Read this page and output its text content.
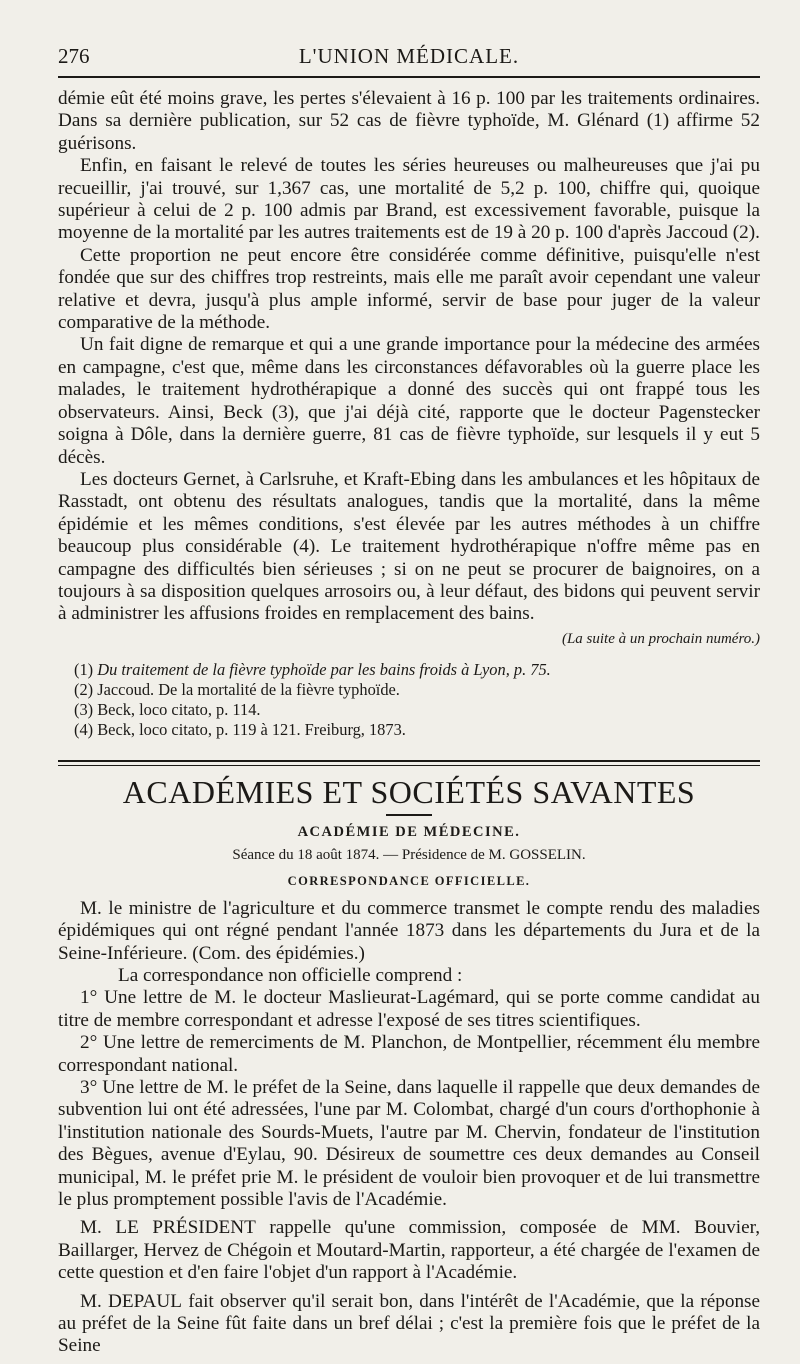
276	L'UNION MÉDICALE.

démie eût été moins grave, les pertes s'élevaient à 16 p. 100 par les traitements ordinaires. Dans sa dernière publication, sur 52 cas de fièvre typhoïde, M. Glénard (1) affirme 52 guérisons.

Enfin, en faisant le relevé de toutes les séries heureuses ou malheureuses que j'ai pu recueillir, j'ai trouvé, sur 1,367 cas, une mortalité de 5,2 p. 100, chiffre qui, quoique supérieur à celui de 2 p. 100 admis par Brand, est excessivement favorable, puisque la moyenne de la mortalité par les autres traitements est de 19 à 20 p. 100 d'après Jaccoud (2).

Cette proportion ne peut encore être considérée comme définitive, puisqu'elle n'est fondée que sur des chiffres trop restreints, mais elle me paraît avoir cependant une valeur relative et devra, jusqu'à plus ample informé, servir de base pour juger de la valeur comparative de la méthode.

Un fait digne de remarque et qui a une grande importance pour la médecine des armées en campagne, c'est que, même dans les circonstances défavorables où la guerre place les malades, le traitement hydrothérapique a donné des succès qui ont frappé tous les observateurs. Ainsi, Beck (3), que j'ai déjà cité, rapporte que le docteur Pagenstecker soigna à Dôle, dans la dernière guerre, 81 cas de fièvre typhoïde, sur lesquels il y eut 5 décès.

Les docteurs Gernet, à Carlsruhe, et Kraft-Ebing dans les ambulances et les hôpitaux de Rasstadt, ont obtenu des résultats analogues, tandis que la mortalité, dans la même épidémie et les mêmes conditions, s'est élevée par les autres méthodes à un chiffre beaucoup plus considérable (4). Le traitement hydrothérapique n'offre même pas en campagne des difficultés bien sérieuses ; si on ne peut se procurer de baignoires, on a toujours à sa disposition quelques arrosoirs ou, à leur défaut, des bidons qui peuvent servir à administrer les affusions froides en remplacement des bains.

(La suite à un prochain numéro.)
(1) Du traitement de la fièvre typhoïde par les bains froids à Lyon, p. 75.
(2) Jaccoud. De la mortalité de la fièvre typhoïde.
(3) Beck, loco citato, p. 114.
(4) Beck, loco citato, p. 119 à 121. Freiburg, 1873.
ACADÉMIES ET SOCIÉTÉS SAVANTES
ACADÉMIE DE MÉDECINE.
Séance du 18 août 1874. — Présidence de M. GOSSELIN.
CORRESPONDANCE OFFICIELLE.

M. le ministre de l'agriculture et du commerce transmet le compte rendu des maladies épidémiques qui ont régné pendant l'année 1873 dans les départements du Jura et de la Seine-Inférieure. (Com. des épidémies.)

La correspondance non officielle comprend :

1° Une lettre de M. le docteur Maslieurat-Lagémard, qui se porte comme candidat au titre de membre correspondant et adresse l'exposé de ses titres scientifiques.

2° Une lettre de remerciments de M. Planchon, de Montpellier, récemment élu membre correspondant national.

3° Une lettre de M. le préfet de la Seine, dans laquelle il rappelle que deux demandes de subvention lui ont été adressées, l'une par M. Colombat, chargé d'un cours d'orthophonie à l'institution nationale des Sourds-Muets, l'autre par M. Chervin, fondateur de l'institution des Bègues, avenue d'Eylau, 90. Désireux de soumettre ces deux demandes au Conseil municipal, M. le préfet prie M. le président de vouloir bien provoquer et de lui transmettre le plus promptement possible l'avis de l'Académie.

M. LE PRÉSIDENT rappelle qu'une commission, composée de MM. Bouvier, Baillarger, Hervez de Chégoin et Moutard-Martin, rapporteur, a été chargée de l'examen de cette question et d'en faire l'objet d'un rapport à l'Académie.

M. DEPAUL fait observer qu'il serait bon, dans l'intérêt de l'Académie, que la réponse au préfet de la Seine fût faite dans un bref délai ; c'est la première fois que le préfet de la Seine
